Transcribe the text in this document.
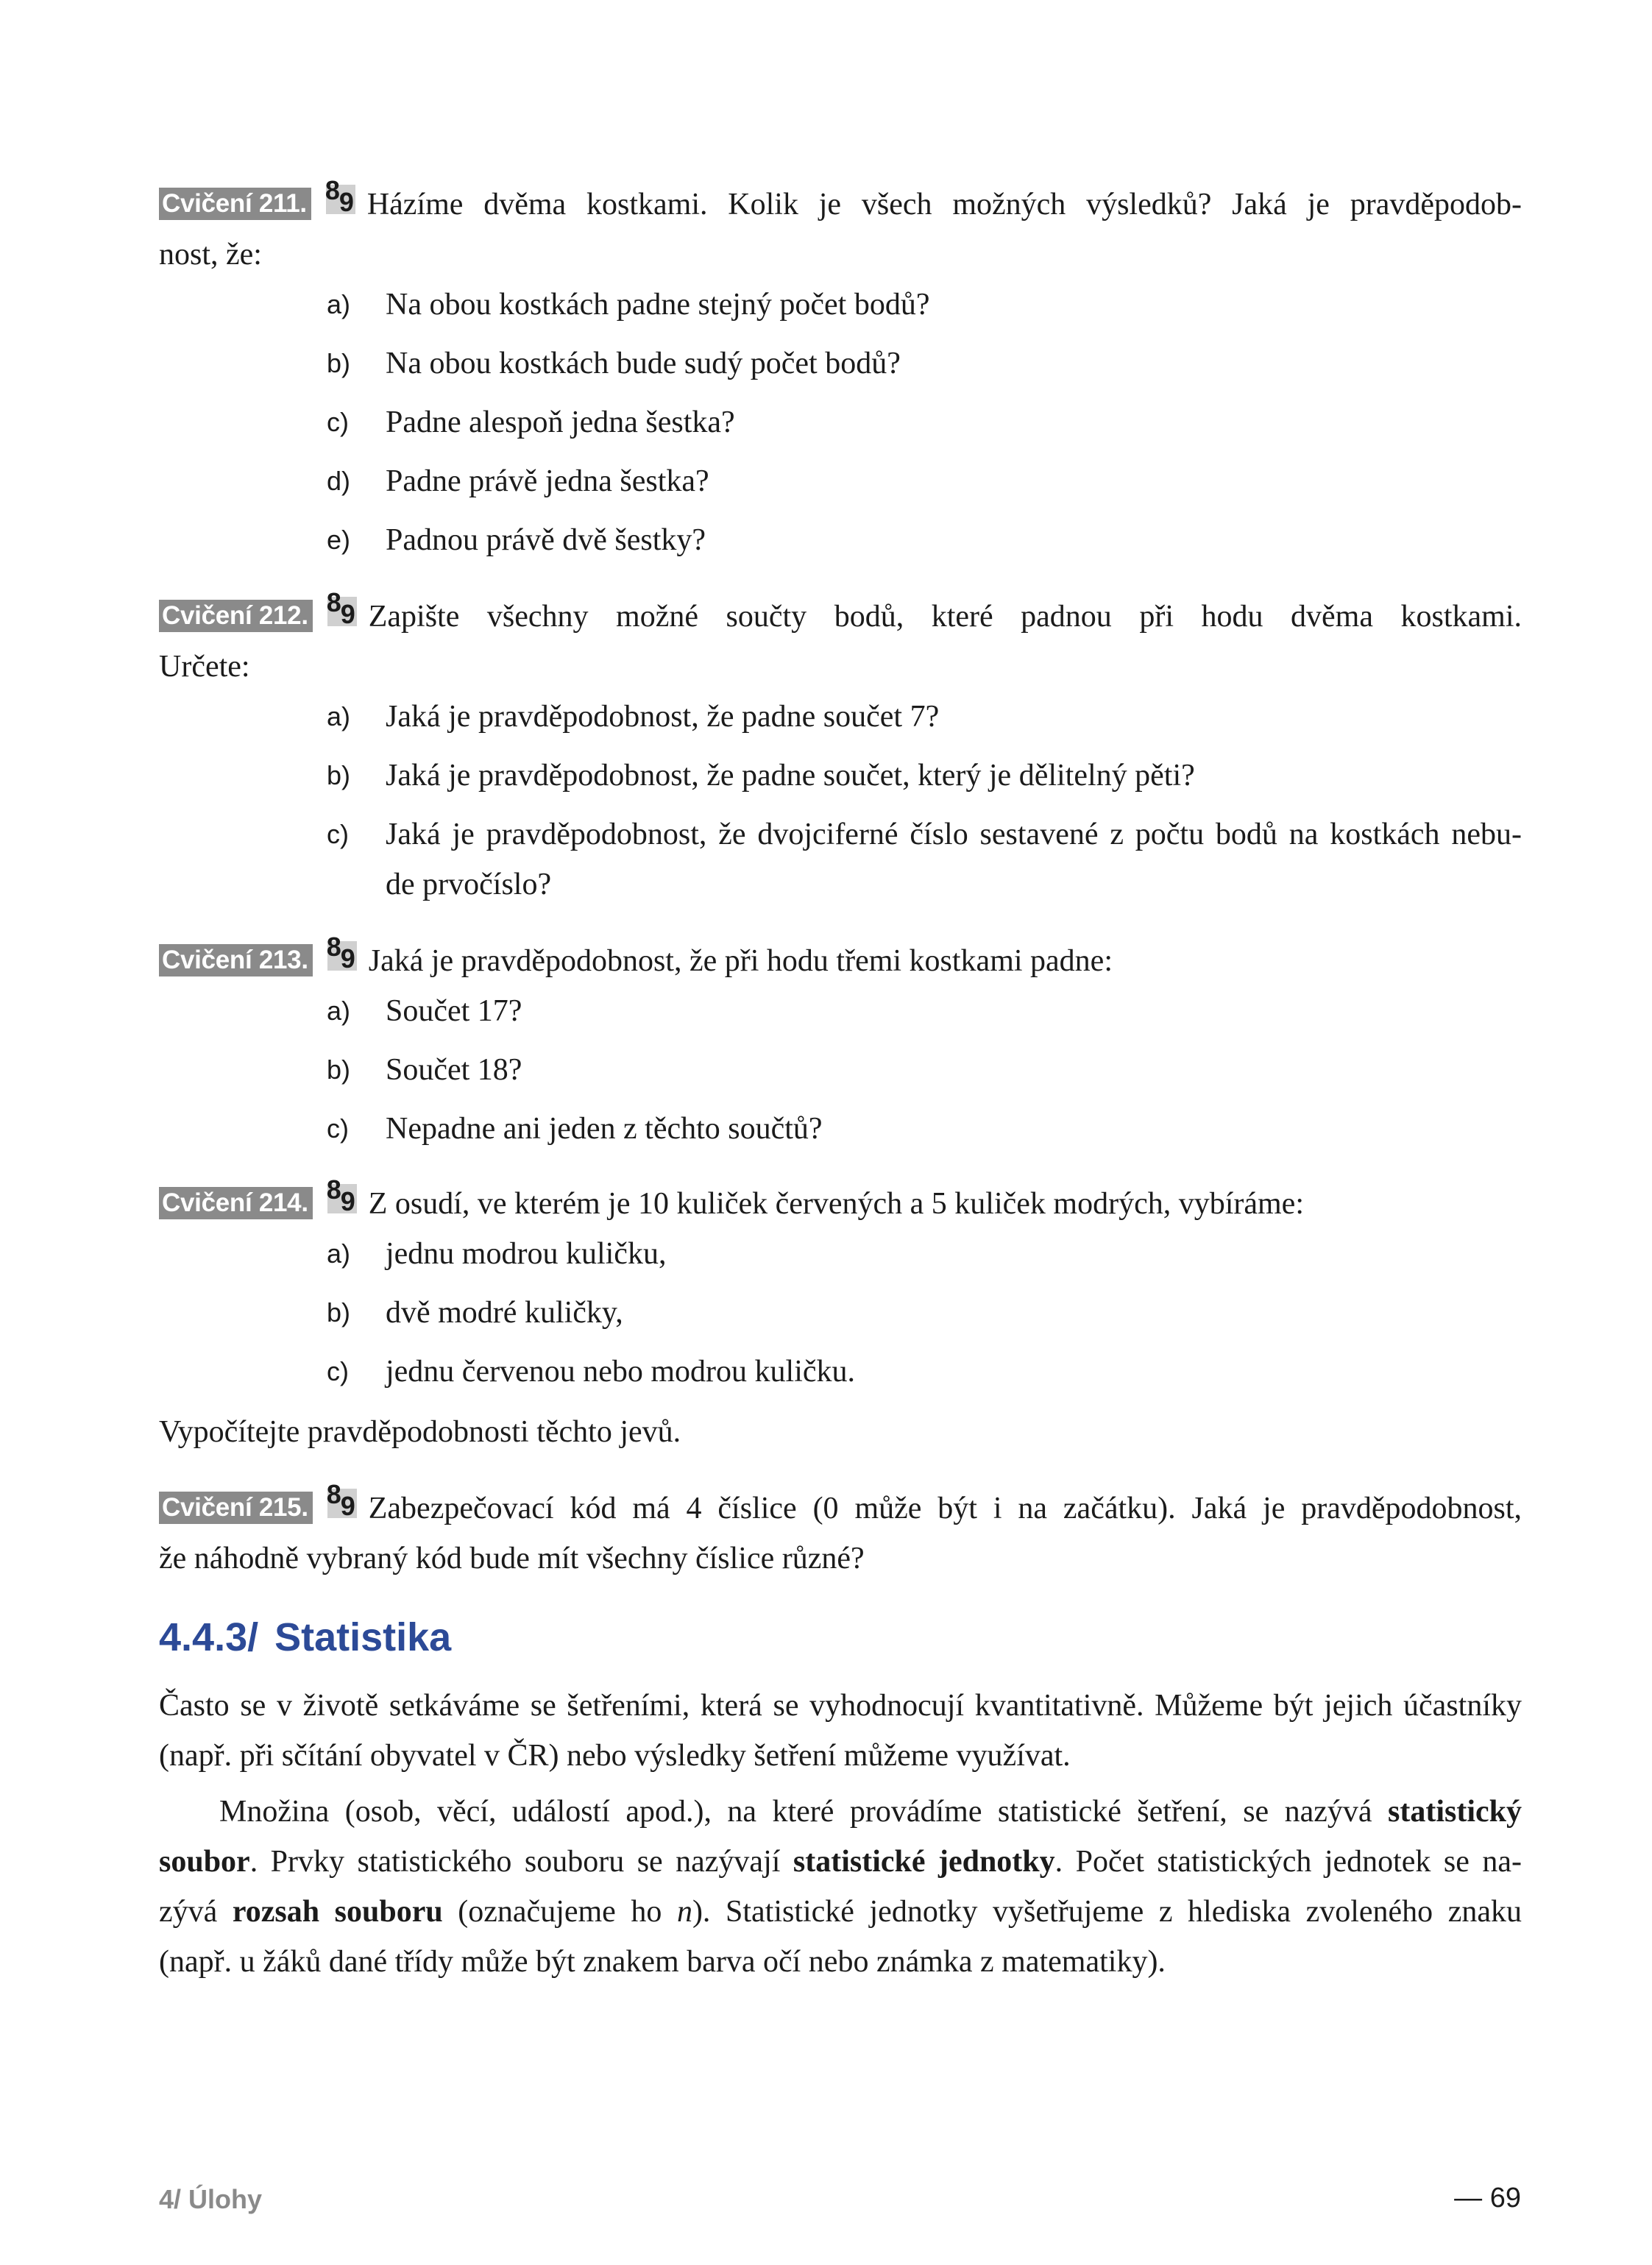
Cvičení 211. 8
9 Házíme dvěma kostkami. Kolik je všech možných výsledků? Jaká je pravděpodob-
nost, že:
a) Na obou kostkách padne stejný počet bodů?
b) Na obou kostkách bude sudý počet bodů?
c) Padne alespoň jedna šestka?
d) Padne právě jedna šestka?
e) Padnou právě dvě šestky?
Cvičení 212. 8
9 Zapište všechny možné součty bodů, které padnou při hodu dvěma kostkami.
Určete:
a) Jaká je pravděpodobnost, že padne součet 7?
b) Jaká je pravděpodobnost, že padne součet, který je dělitelný pěti?
c) Jaká je pravděpodobnost, že dvojciferné číslo sestavené z počtu bodů na kostkách nebu-
de prvočíslo?
Cvičení 213. 8
9 Jaká je pravděpodobnost, že při hodu třemi kostkami padne:
a) Součet 17?
b) Součet 18?
c) Nepadne ani jeden z těchto součtů?
Cvičení 214. 8
9 Z osudí, ve kterém je 10 kuliček červených a 5 kuliček modrých, vybíráme:
a) jednu modrou kuličku,
b) dvě modré kuličky,
c) jednu červenou nebo modrou kuličku.
Vypočítejte pravděpodobnosti těchto jevů.
Cvičení 215. 8
9 Zabezpečovací kód má 4 číslice (0 může být i na začátku). Jaká je pravděpodobnost,
že náhodně vybraný kód bude mít všechny číslice různé?
4.4.3/ Statistika
Často se v životě setkáváme se šetřeními, která se vyhodnocují kvantitativně. Můžeme být jejich účastníky
(např. při sčítání obyvatel v ČR) nebo výsledky šetření můžeme využívat.
Množina (osob, věcí, událostí apod.), na které provádíme statistické šetření, se nazývá statistický
soubor. Prvky statistického souboru se nazývají statistické jednotky. Počet statistických jednotek se na-
zývá rozsah souboru (označujeme ho n). Statistické jednotky vyšetřujeme z hlediska zvoleného znaku
(např. u žáků dané třídy může být znakem barva očí nebo známka z matematiky).
4/ Úlohy	— 69
